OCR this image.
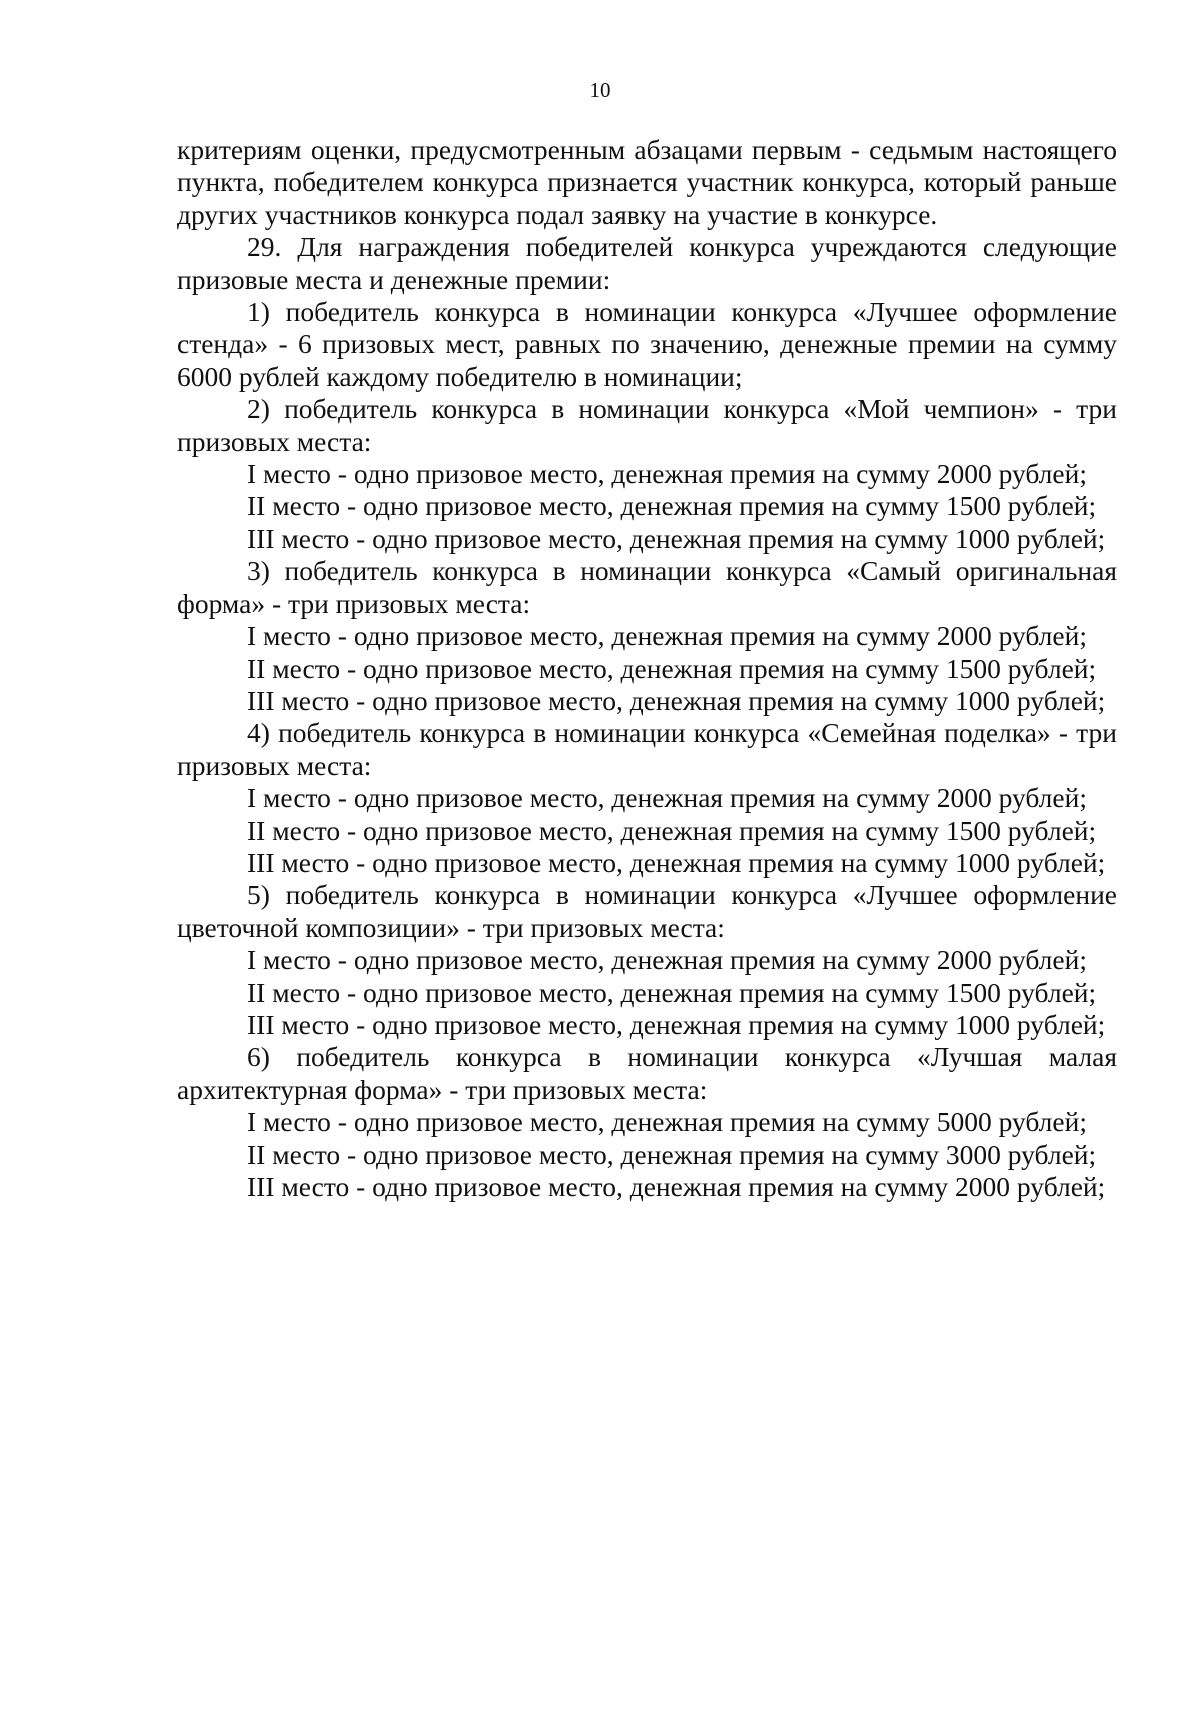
10

критериям оценки, предусмотренным абзацами первым - седьмым настоящего пункта, победителем конкурса признается участник конкурса, который раньше других участников конкурса подал заявку на участие в конкурсе.

29. Для награждения победителей конкурса учреждаются следующие призовые места и денежные премии:

1) победитель конкурса в номинации конкурса «Лучшее оформление стенда» - 6 призовых мест, равных по значению, денежные премии на сумму 6000 рублей каждому победителю в номинации;

2) победитель конкурса в номинации конкурса «Мой чемпион» - три призовых места:

I место - одно призовое место, денежная премия на сумму 2000 рублей;

II место - одно призовое место, денежная премия на сумму 1500 рублей;

III место - одно призовое место, денежная премия на сумму 1000 рублей;

3) победитель конкурса в номинации конкурса «Самый оригинальная форма» - три призовых места:

I место - одно призовое место, денежная премия на сумму 2000 рублей;

II место - одно призовое место, денежная премия на сумму 1500 рублей;

III место - одно призовое место, денежная премия на сумму 1000 рублей;

4) победитель конкурса в номинации конкурса «Семейная поделка» - три призовых места:

I место - одно призовое место, денежная премия на сумму 2000 рублей;

II место - одно призовое место, денежная премия на сумму 1500 рублей;

III место - одно призовое место, денежная премия на сумму 1000 рублей;

5) победитель конкурса в номинации конкурса «Лучшее оформление цветочной композиции» - три призовых места:

I место - одно призовое место, денежная премия на сумму 2000 рублей;

II место - одно призовое место, денежная премия на сумму 1500 рублей;

III место - одно призовое место, денежная премия на сумму 1000 рублей;

6) победитель конкурса в номинации конкурса «Лучшая малая архитектурная форма» - три призовых места:

I место - одно призовое место, денежная премия на сумму 5000 рублей;

II место - одно призовое место, денежная премия на сумму 3000 рублей;

III место - одно призовое место, денежная премия на сумму 2000 рублей;
